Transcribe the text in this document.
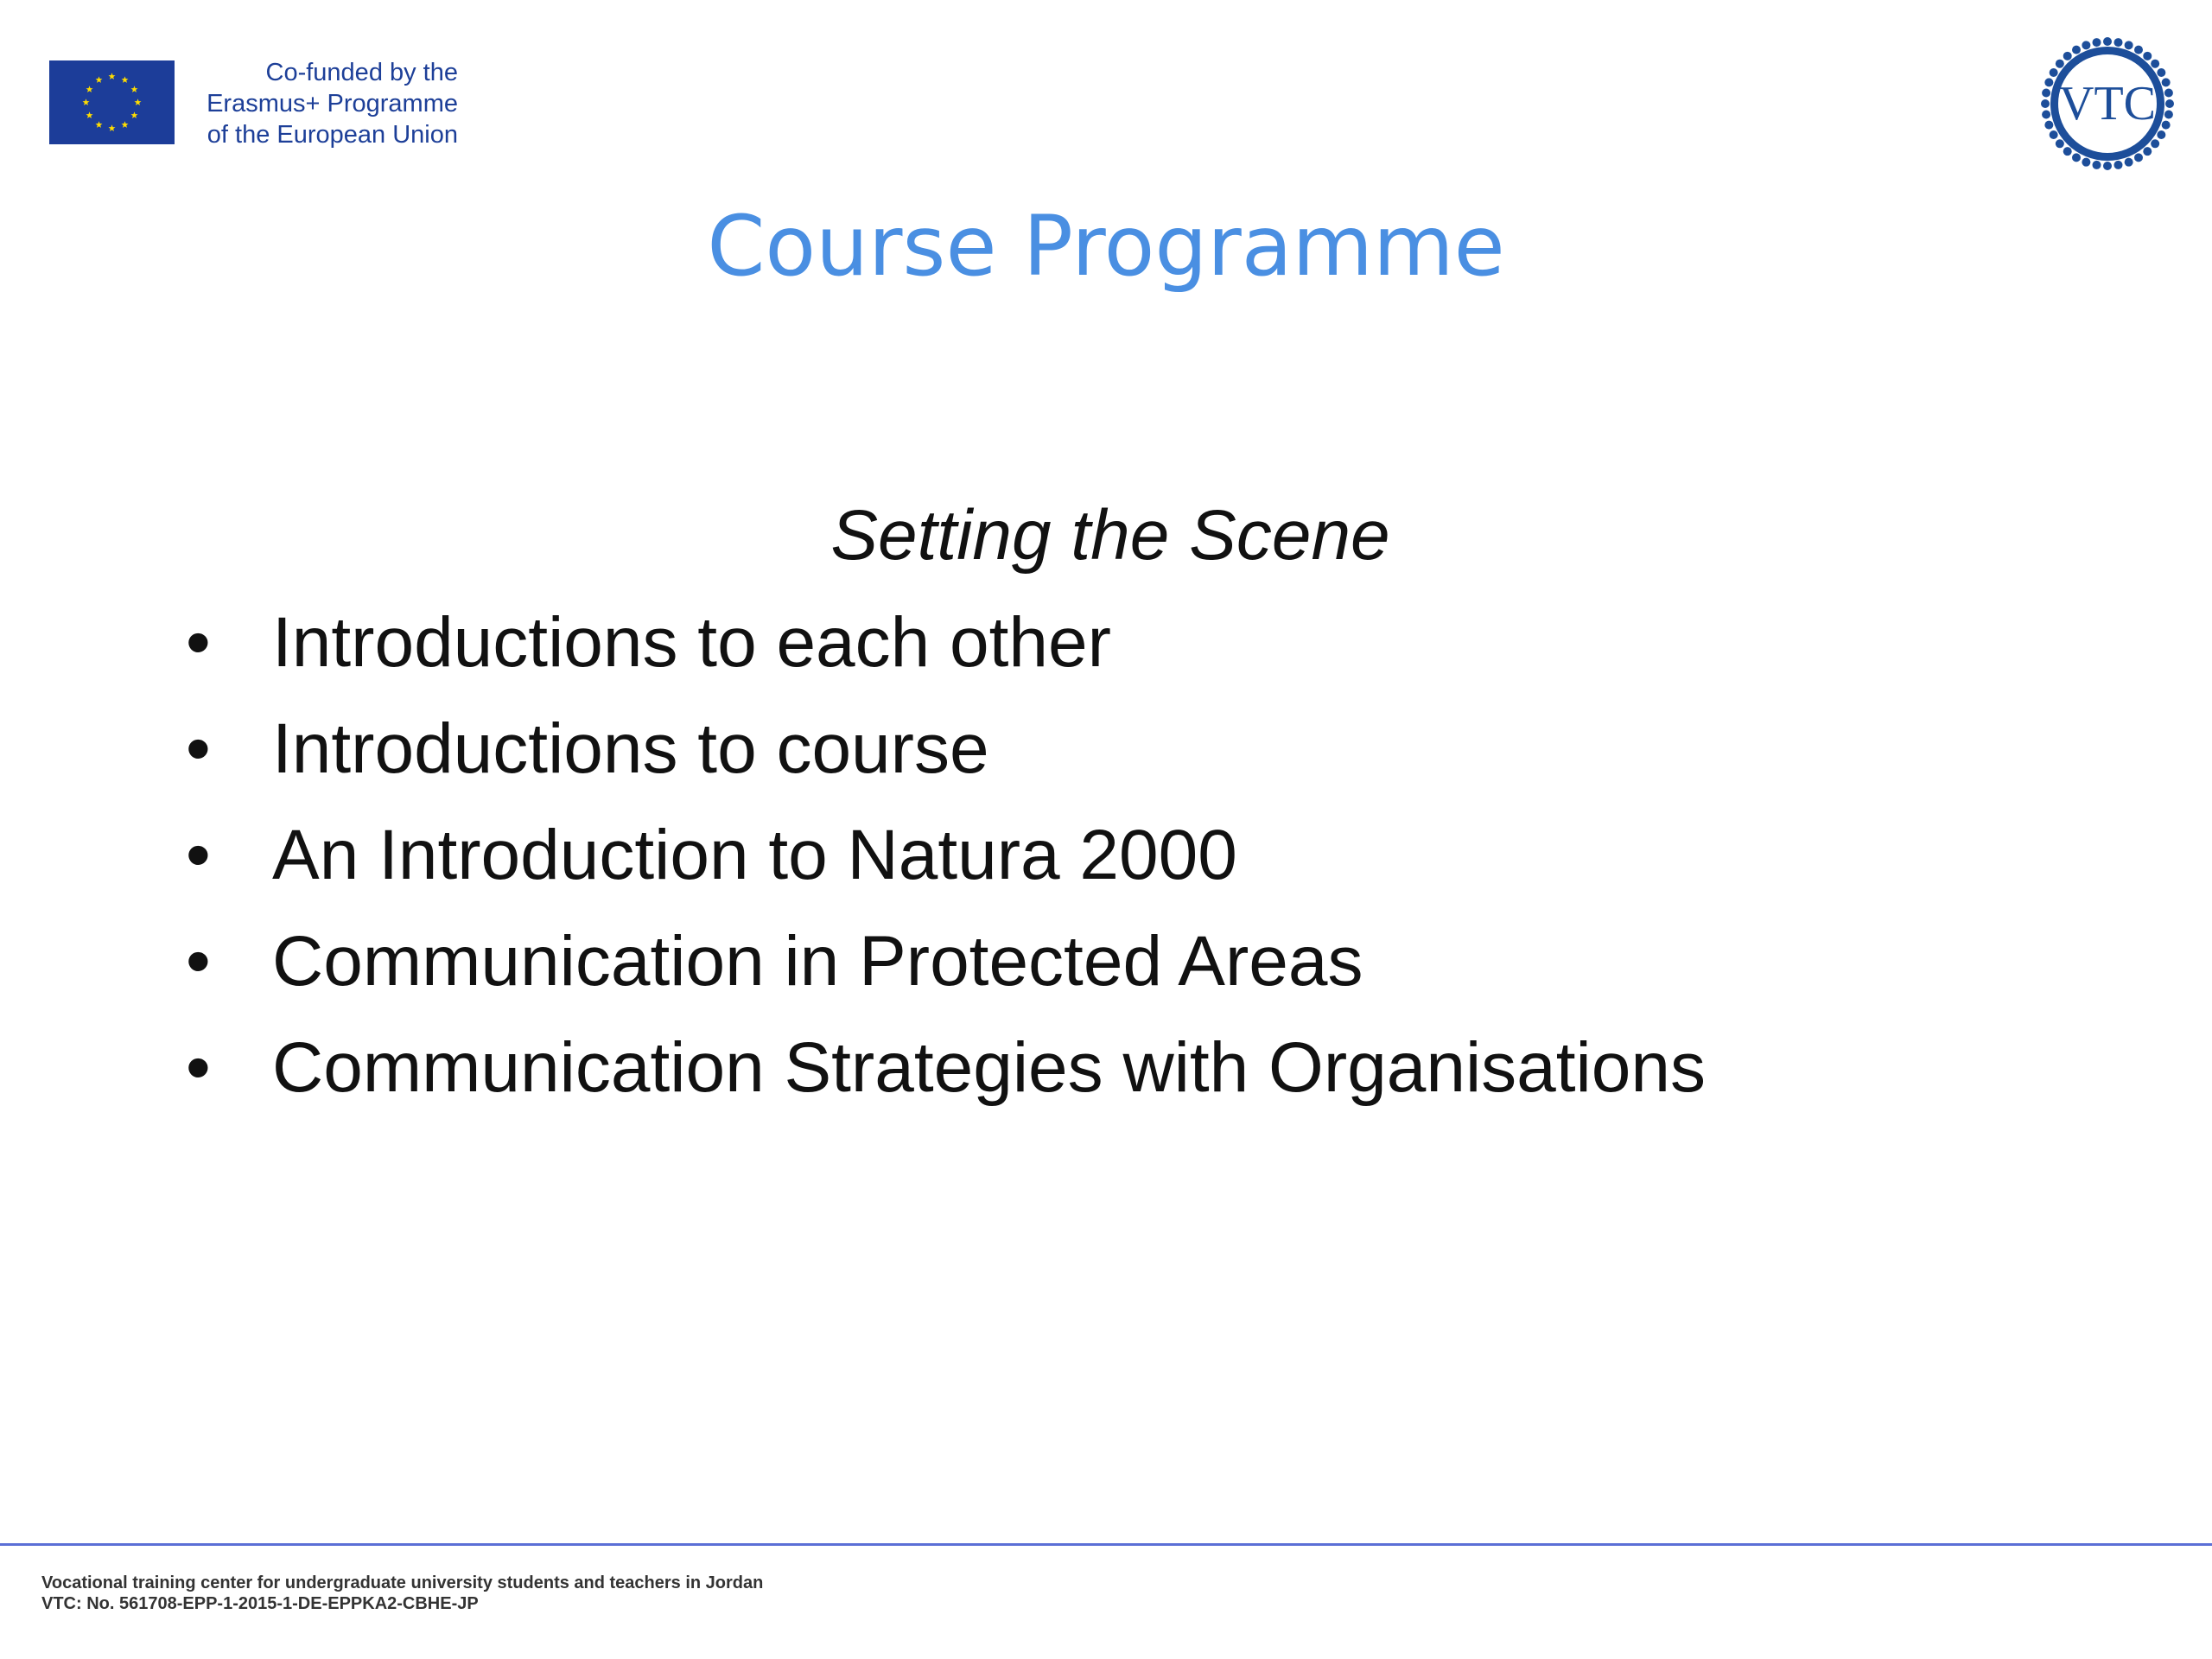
Co-funded by the
Erasmus+ Programme
of the European Union
VTC
Course Programme
Setting the Scene
• Introductions to each other
• Introductions to course
• An Introduction to Natura 2000
• Communication in Protected Areas
• Communication Strategies with Organisations
Vocational training center for undergraduate university students and teachers in Jordan
VTC: No. 561708-EPP-1-2015-1-DE-EPPKA2-CBHE-JP
